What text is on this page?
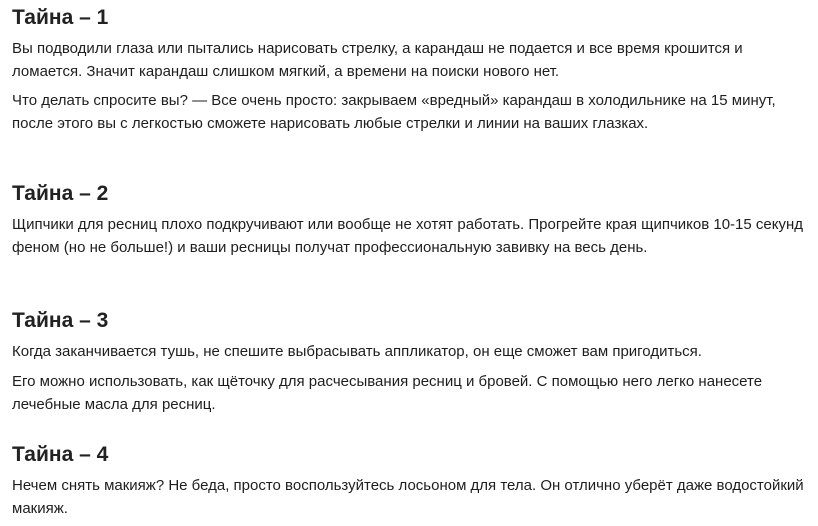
Тайна – 1

Вы подводили глаза или пытались нарисовать стрелку, а карандаш не подается и все время крошится и ломается. Значит карандаш слишком мягкий, а времени на поиски нового нет.

Что делать спросите вы? — Все очень просто: закрываем «вредный» карандаш в холодильнике на 15 минут, после этого вы с легкостью сможете нарисовать любые стрелки и линии на ваших глазках.

Тайна – 2

Щипчики для ресниц плохо подкручивают или вообще не хотят работать. Прогрейте края щипчиков 10-15 секунд феном (но не больше!) и ваши ресницы получат профессиональную завивку на весь день.

Тайна – 3

Когда заканчивается тушь, не спешите выбрасывать аппликатор, он еще сможет вам пригодиться.

Его можно использовать, как щёточку для расчесывания ресниц и бровей. С помощью него легко нанесете лечебные масла для ресниц.

Тайна – 4

Нечем снять макияж? Не беда, просто воспользуйтесь лосьоном для тела. Он отлично уберёт даже водостойкий макияж.
